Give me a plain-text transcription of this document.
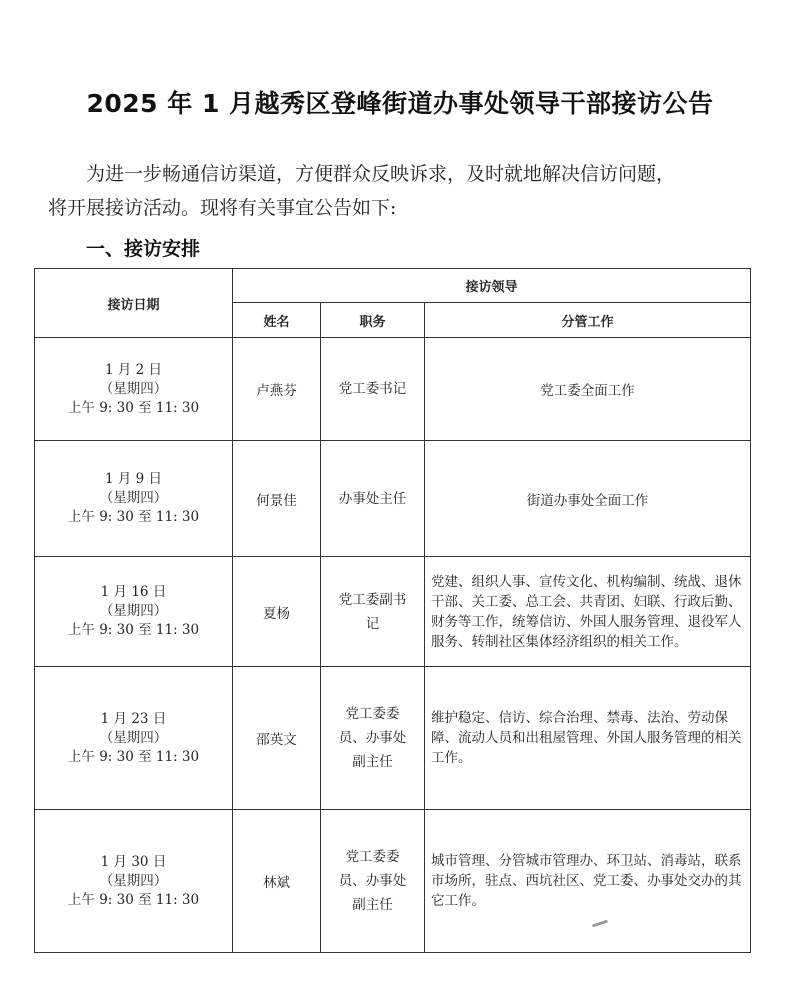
2025 年 1 月越秀区登峰街道办事处领导干部接访公告
为进一步畅通信访渠道，方便群众反映诉求，及时就地解决信访问题，
将开展接访活动。现将有关事宜公告如下:
一、接访安排
接访日期	接访领导		
	姓名	职务	分管工作

1 月 2 日
（星期四）
上午 9: 30 至 11: 30	卢燕芬	党工委书记	党工委全面工作

1 月 9 日
（星期四）
上午 9: 30 至 11: 30	何景佳	办事处主任	街道办事处全面工作

1 月 16 日
（星期四）
上午 9: 30 至 11: 30	夏杨	党工委副书记	党建、组织人事、宣传文化、机构编制、统战、退休干部、关工委、总工会、共青团、妇联、行政后勤、财务等工作，统筹信访、外国人服务管理、退役军人服务、转制社区集体经济组织的相关工作。

1 月 23 日
（星期四）
上午 9: 30 至 11: 30	邵英文	党工委委员、办事处副主任	维护稳定、信访、综合治理、禁毒、法治、劳动保障、流动人员和出租屋管理、外国人服务管理的相关工作。

1 月 30 日
（星期四）
上午 9: 30 至 11: 30	林斌	党工委委员、办事处副主任	城市管理、分管城市管理办、环卫站、消毒站，联系市场所，驻点、西坑社区、党工委、办事处交办的其它工作。
